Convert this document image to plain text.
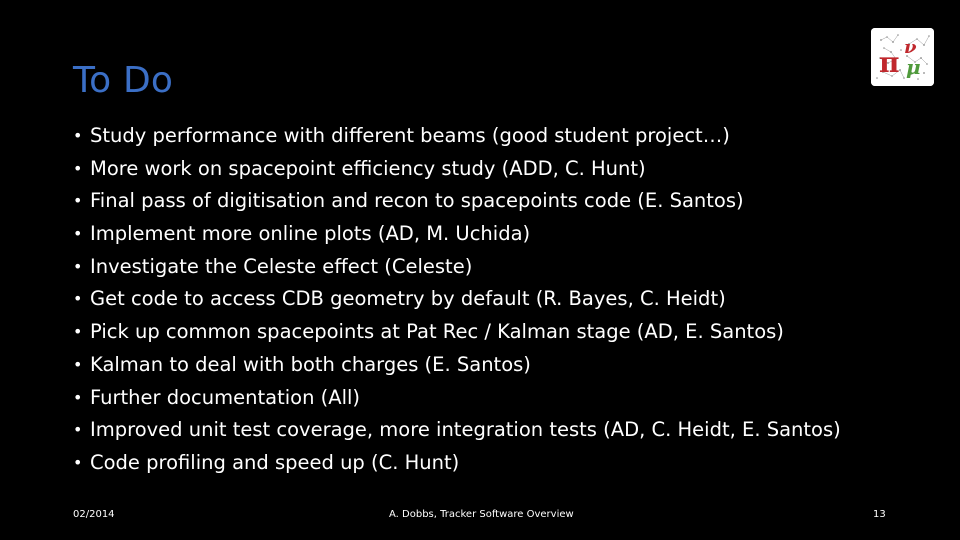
To Do	π ν
μ
• Study performance with different beams (good student project…)
• More work on spacepoint efficiency study (ADD, C. Hunt)
• Final pass of digitisation and recon to spacepoints code (E. Santos)
• Implement more online plots (AD, M. Uchida)
• Investigate the Celeste effect (Celeste)
• Get code to access CDB geometry by default (R. Bayes, C. Heidt)
• Pick up common spacepoints at Pat Rec / Kalman stage (AD, E. Santos)
• Kalman to deal with both charges (E. Santos)
• Further documentation (All)
• Improved unit test coverage, more integration tests (AD, C. Heidt, E. Santos)
• Code profiling and speed up (C. Hunt)
02/2014	A. Dobbs, Tracker Software Overview	13
